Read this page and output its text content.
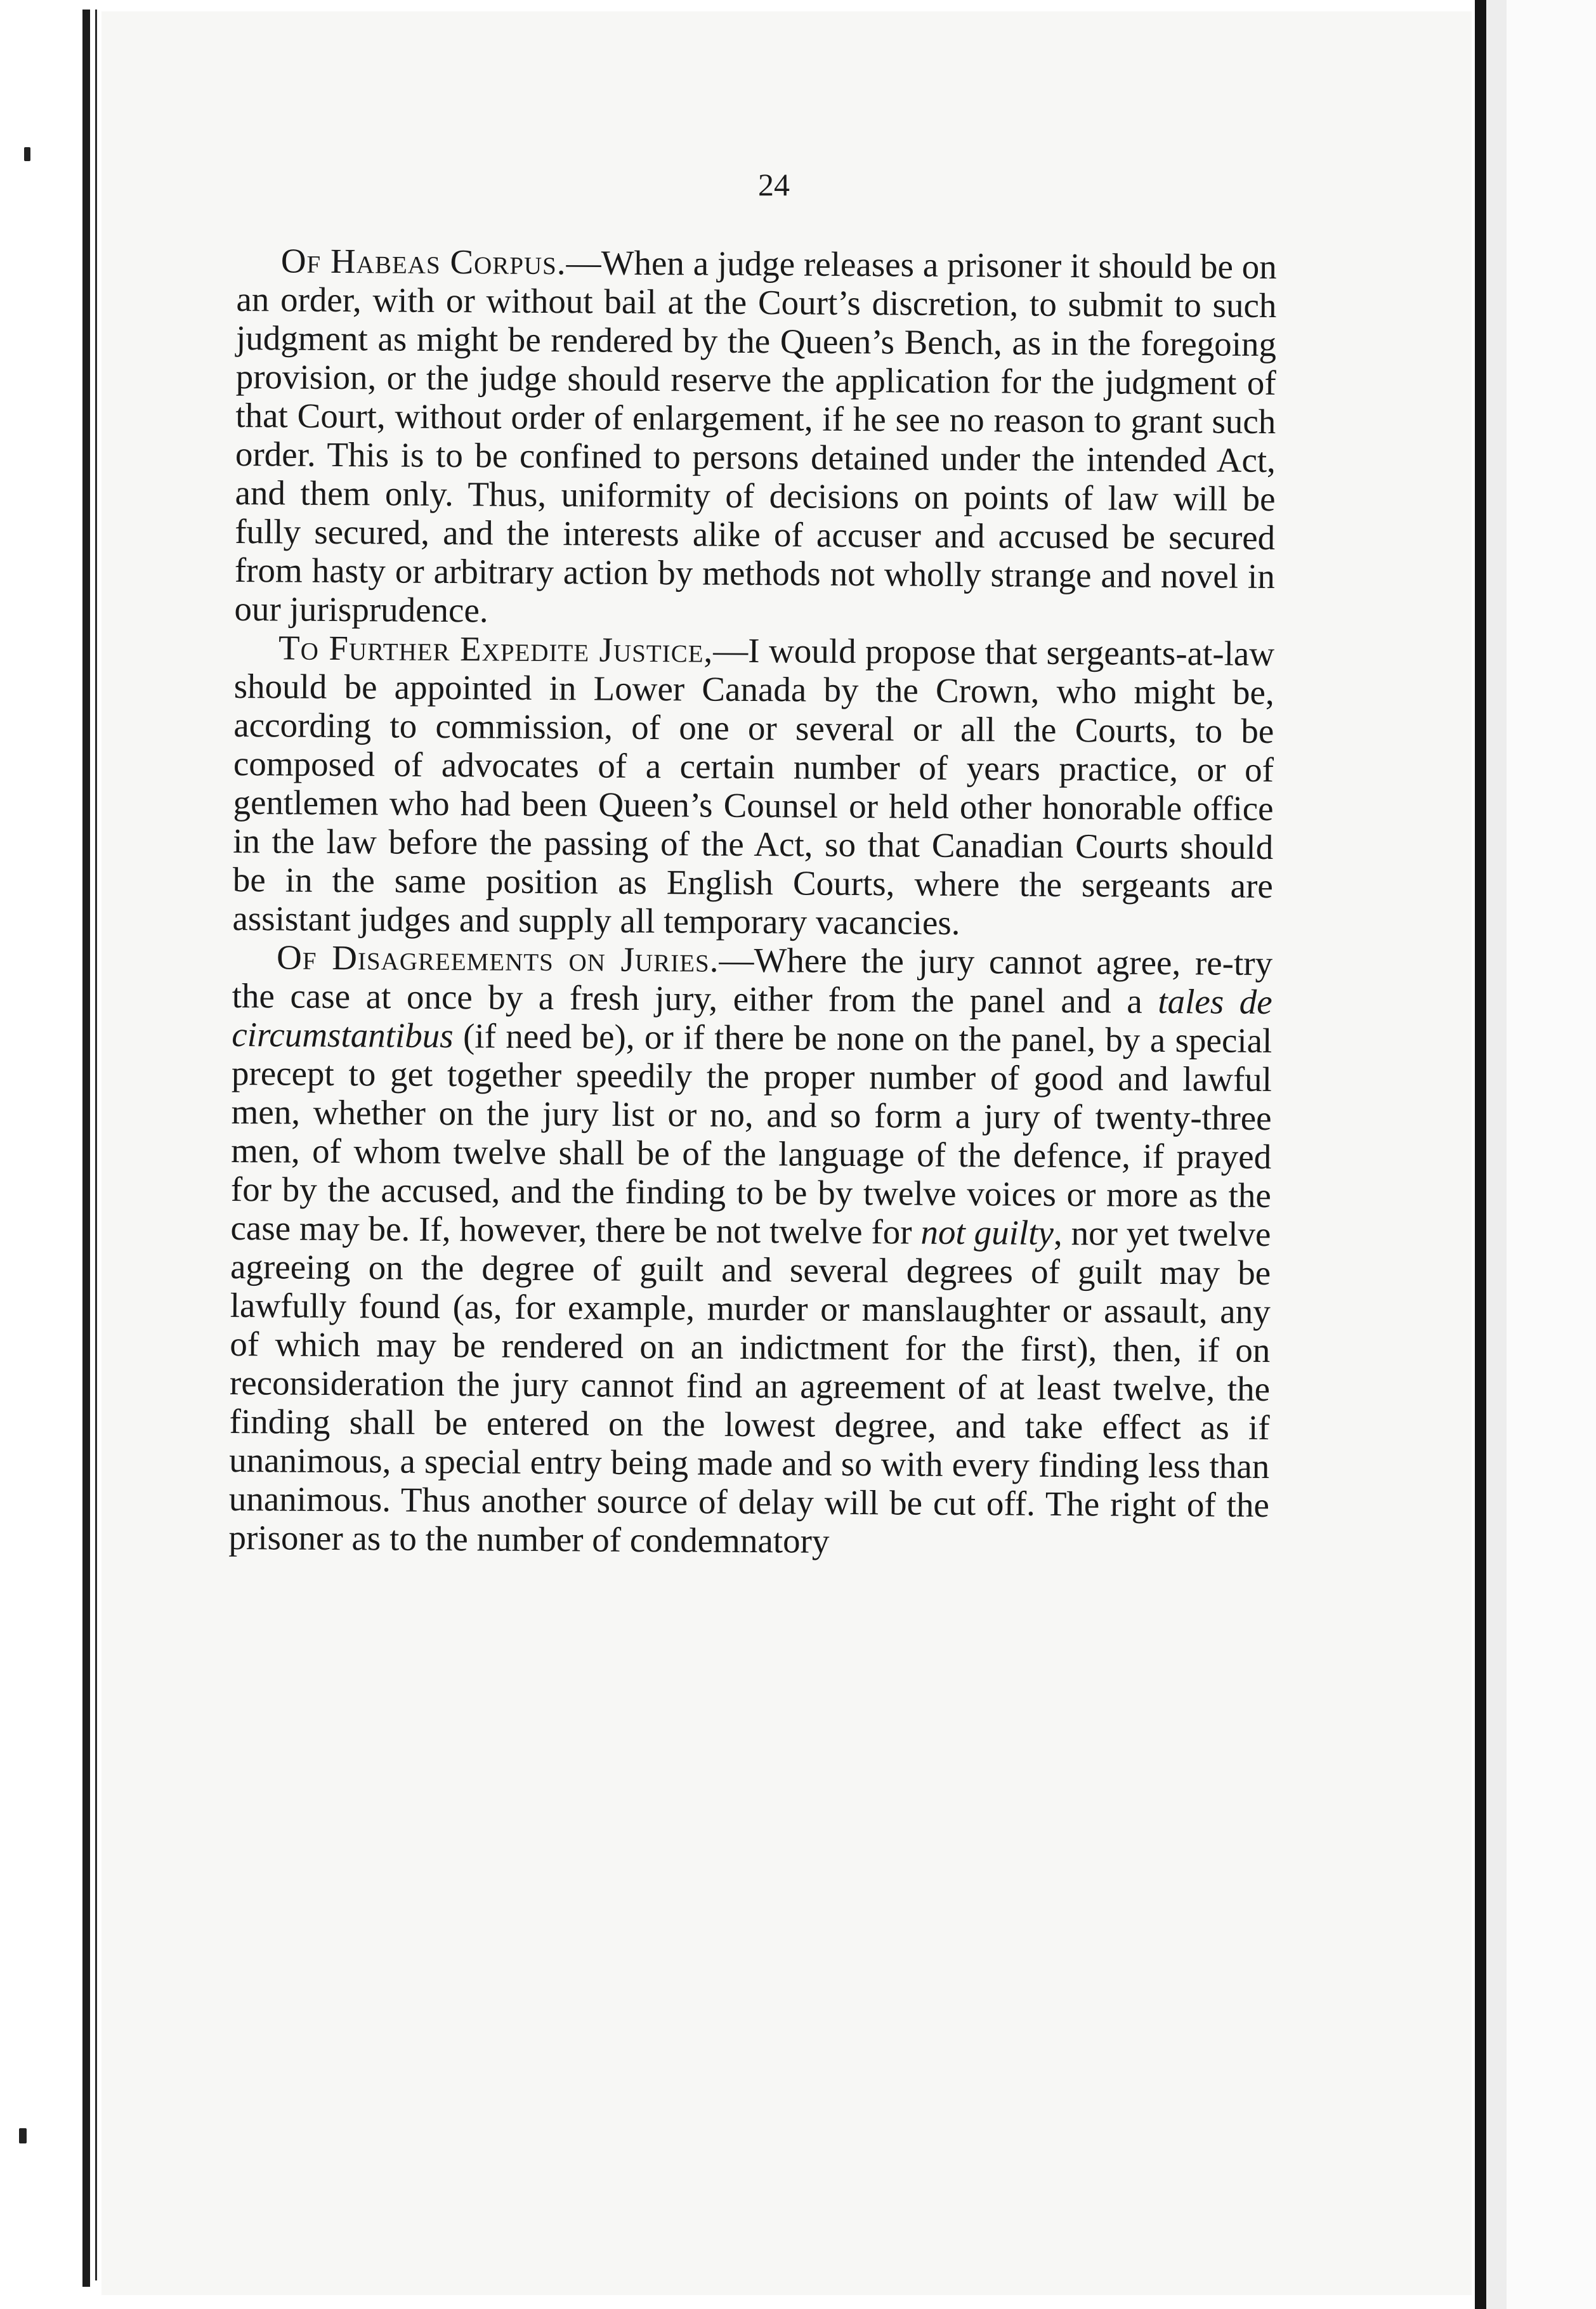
24

Of Habeas Corpus.—When a judge releases a prisoner it should be on an order, with or without bail at the Court’s discretion, to submit to such judgment as might be rendered by the Queen’s Bench, as in the foregoing provision, or the judge should reserve the application for the judgment of that Court, without order of enlargement, if he see no reason to grant such order. This is to be confined to persons detained under the intended Act, and them only. Thus, uniformity of decisions on points of law will be fully secured, and the interests alike of accuser and accused be secured from hasty or arbitrary action by methods not wholly strange and novel in our jurisprudence.

To Further Expedite Justice,—I would propose that sergeants-at-law should be appointed in Lower Canada by the Crown, who might be, according to commission, of one or several or all the Courts, to be composed of advocates of a certain number of years practice, or of gentlemen who had been Queen’s Counsel or held other honorable office in the law before the passing of the Act, so that Canadian Courts should be in the same position as English Courts, where the sergeants are assistant judges and supply all temporary vacancies.

Of Disagreements on Juries.—Where the jury cannot agree, re-try the case at once by a fresh jury, either from the panel and a tales de circumstantibus (if need be), or if there be none on the panel, by a special precept to get together speedily the proper number of good and lawful men, whether on the jury list or no, and so form a jury of twenty-three men, of whom twelve shall be of the language of the defence, if prayed for by the accused, and the finding to be by twelve voices or more as the case may be. If, however, there be not twelve for not guilty, nor yet twelve agreeing on the degree of guilt and several degrees of guilt may be lawfully found (as, for example, murder or manslaughter or assault, any of which may be rendered on an indictment for the first), then, if on reconsideration the jury cannot find an agreement of at least twelve, the finding shall be entered on the lowest degree, and take effect as if unanimous, a special entry being made and so with every finding less than unanimous. Thus another source of delay will be cut off. The right of the prisoner as to the number of condemnatory
